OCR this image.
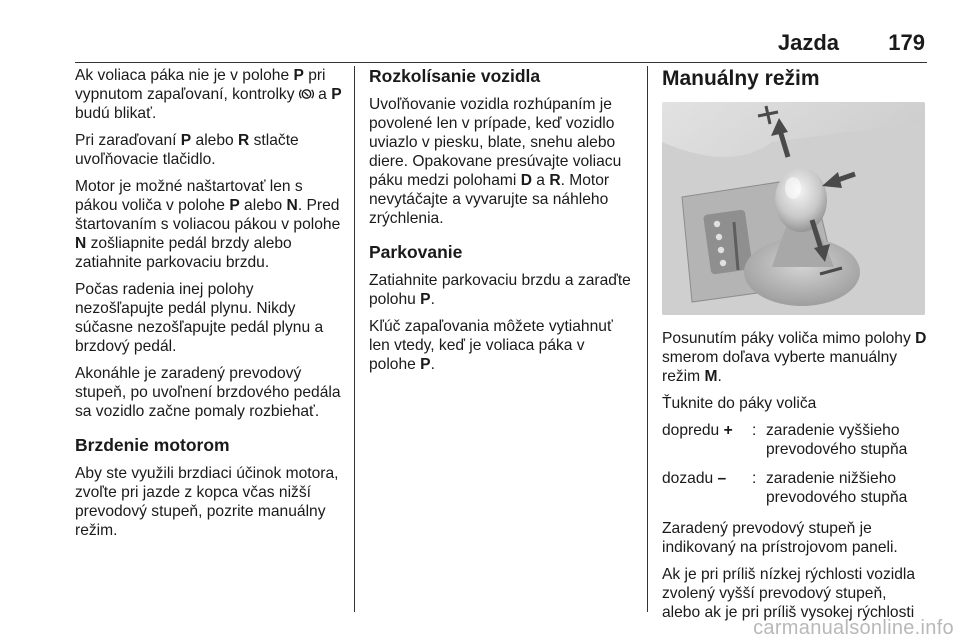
Jazda 179

Ak voliaca páka nie je v polohe P pri vypnutom zapaľovaní, kontrolky  a P budú blikať.

Pri zaraďovaní P alebo R stlačte uvoľňovacie tlačidlo.

Motor je možné naštartovať len s pákou voliča v polohe P alebo N. Pred štartovaním s voliacou pákou v polohe N zošliapnite pedál brzdy alebo zatiahnite parkovaciu brzdu.

Počas radenia inej polohy nezošľapujte pedál plynu. Nikdy súčasne nezošľapujte pedál plynu a brzdový pedál.

Akonáhle je zaradený prevodový stupeň, po uvoľnení brzdového pedála sa vozidlo začne pomaly rozbiehať.

Brzdenie motorom

Aby ste využili brzdiaci účinok motora, zvoľte pri jazde z kopca včas nižší prevodový stupeň, pozrite manuálny režim.

Rozkolísanie vozidla

Uvoľňovanie vozidla rozhúpaním je povolené len v prípade, keď vozidlo uviazlo v piesku, blate, snehu alebo diere. Opakovane presúvajte voliacu páku medzi polohami D a R. Motor nevytáčajte a vyvarujte sa náhleho zrýchlenia.

Parkovanie

Zatiahnite parkovaciu brzdu a zaraďte polohu P.

Kľúč zapaľovania môžete vytiahnuť len vtedy, keď je voliaca páka v polohe P.

Manuálny režim

Posunutím páky voliča mimo polohy D smerom doľava vyberte manuálny režim M.

Ťuknite do páky voliča

dopredu +	: zaradenie vyššieho prevodového stupňa
dozadu –	: zaradenie nižšieho prevodového stupňa

Zaradený prevodový stupeň je indikovaný na prístrojovom paneli.

Ak je pri príliš nízkej rýchlosti vozidla zvolený vyšší prevodový stupeň, alebo ak je pri príliš vysokej rýchlosti

carmanualsonline.info
